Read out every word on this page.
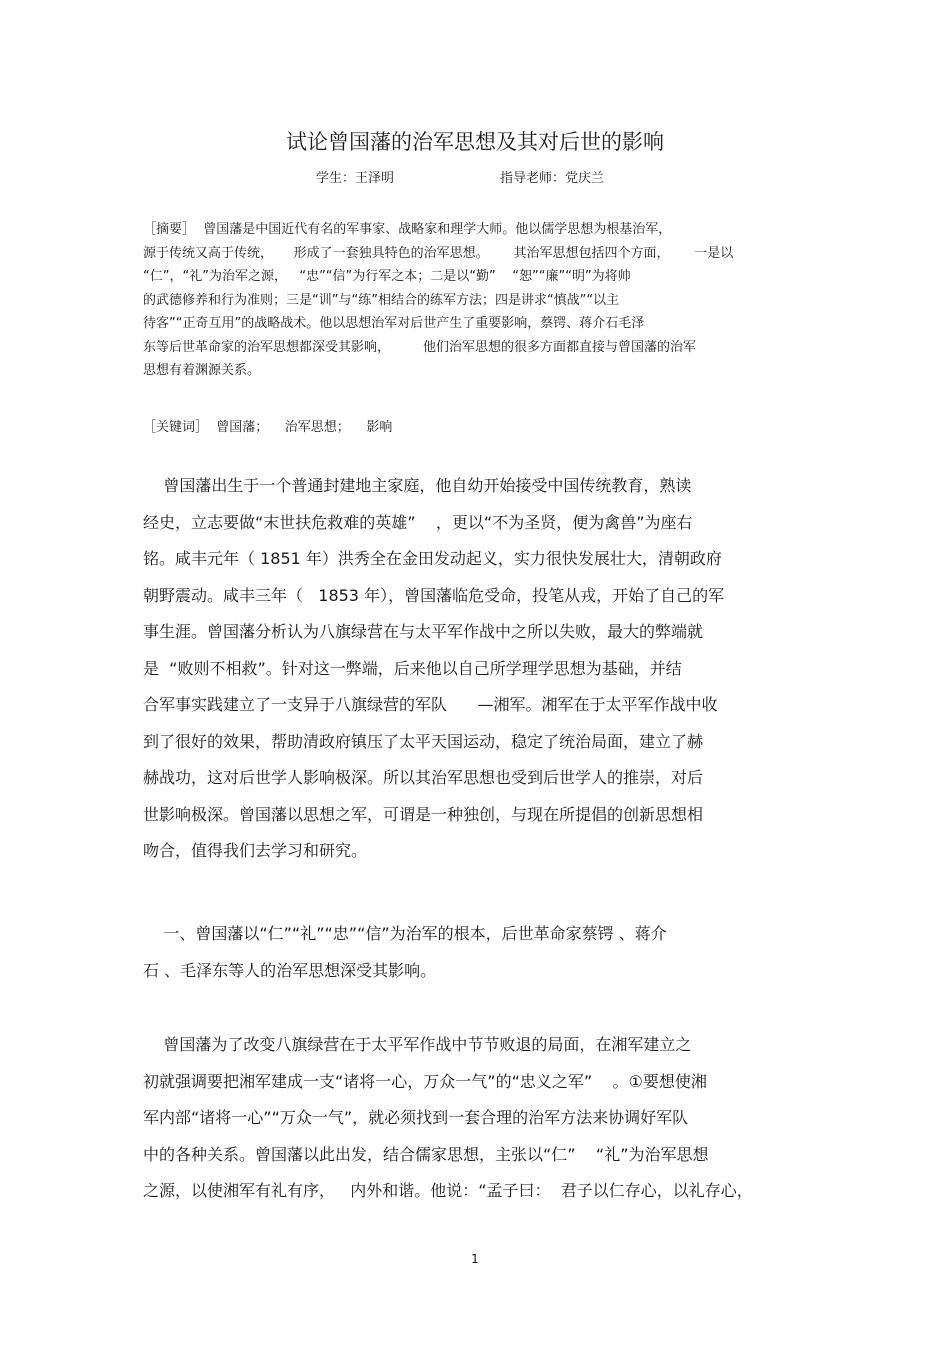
试论曾国藩的治军思想及其对后世的影响
学生：王泽明	指导老师：党庆兰
［摘要］  曾国藩是中国近代有名的军事家、战略家和理学大师。他以儒学思想为根基治军，
源于传统又高于传统，     形成了一套独具特色的治军思想。      其治军思想包括四个方面，      一是以
“仁”，“礼”为治军之源，   “忠”“信”为行军之本；二是以“勤”    “恕”“廉”“明”为将帅
的武德修养和行为准则；三是“训”与“练”相结合的练军方法；四是讲求“慎战”“以主
待客”“正奇互用”的战略战术。他以思想治军对后世产生了重要影响，蔡锷、蒋介石毛泽
东等后世革命家的治军思想都深受其影响，        他们治军思想的很多方面都直接与曾国藩的治军
思想有着渊源关系。
［关键词］  曾国藩；    治军思想；    影响
曾国藩出生于一个普通封建地主家庭，他自幼开始接受中国传统教育，熟读
经史，立志要做“末世扶危救难的英雄”    ，更以“不为圣贤，便为禽兽”为座右
铭。咸丰元年（ 1851 年）洪秀全在金田发动起义，实力很快发展壮大，清朝政府
朝野震动。咸丰三年（   1853 年），曾国藩临危受命，投笔从戎，开始了自己的军
事生涯。曾国藩分析认为八旗绿营在与太平军作战中之所以失败，最大的弊端就
是  “败则不相救”。针对这一弊端，后来他以自己所学理学思想为基础，并结
合军事实践建立了一支异于八旗绿营的军队      —湘军。湘军在于太平军作战中收
到了很好的效果，帮助清政府镇压了太平天国运动，稳定了统治局面，建立了赫
赫战功，这对后世学人影响极深。所以其治军思想也受到后世学人的推崇，对后
世影响极深。曾国藩以思想之军，可谓是一种独创，与现在所提倡的创新思想相
吻合，值得我们去学习和研究。
一、曾国藩以“仁”“礼”“忠”“信”为治军的根本，后世革命家蔡锷 、蒋介
石 、毛泽东等人的治军思想深受其影响。
曾国藩为了改变八旗绿营在于太平军作战中节节败退的局面，在湘军建立之
初就强调要把湘军建成一支“诸将一心，万众一气”的“忠义之军”    。①要想使湘
军内部“诸将一心”“万众一气”，就必须找到一套合理的治军方法来协调好军队
中的各种关系。曾国藩以此出发，结合儒家思想，主张以“仁”    “礼”为治军思想
之源，以使湘军有礼有序，   内外和谐。他说：“孟子曰：  君子以仁存心，以礼存心，
1
